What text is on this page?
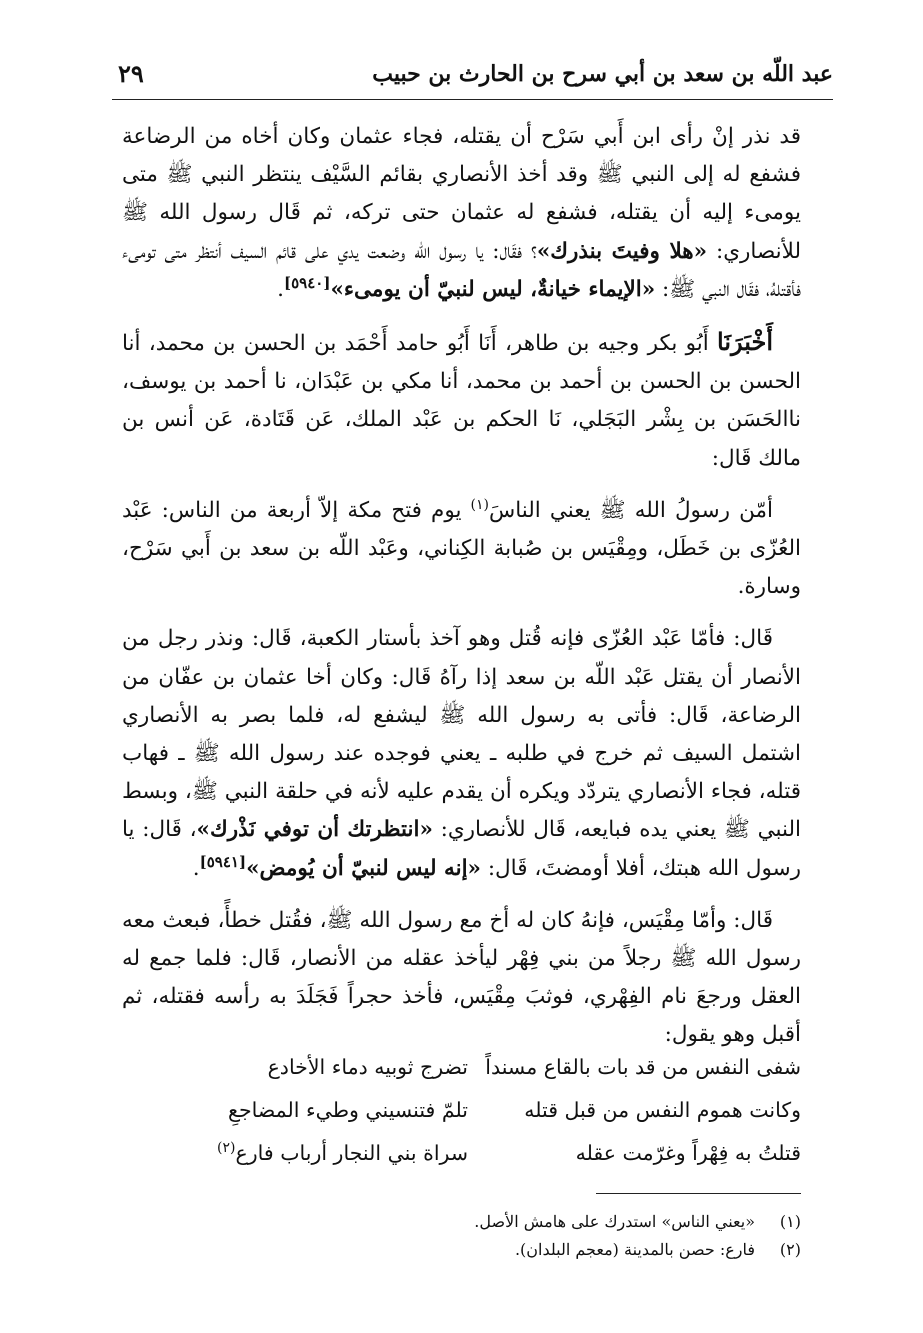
عبد اللّه بن سعد بن أبي سرح بن الحارث بن حبيب
٢٩

قد نذر إنْ رأى ابن أَبي سَرْح أن يقتله، فجاء عثمان وكان أخاه من الرضاعة فشفع له إلى النبي ﷺ وقد أخذ الأنصاري بقائم السَّيْف ينتظر النبي ﷺ متى يومىء إليه أن يقتله، فشفع له عثمان حتى تركه، ثم قَال رسول الله ﷺ للأنصاري: «هلا وفيتَ بنذرك»؟ فقَال: يا رسول الله وضعت يدي على قائم السيف أنتظر متى تومىء فأقتلهُ، فقَال النبي ﷺ: «الإيماء خيانةٌ، ليس لنبيّ أن يومىء»[٥٩٤٠].

أَخْبَرَنَا أَبُو بكر وجيه بن طاهر، أَنَا أَبُو حامد أَحْمَد بن الحسن بن محمد، أنا الحسن بن الحسن بن أحمد بن محمد، أنا مكي بن عَبْدَان، نا أحمد بن يوسف، ناالحَسَن بن بِشْر البَجَلي، نَا الحكم بن عَبْد الملك، عَن قَتَادة، عَن أنس بن مالك قَال:

أمّن رسولُ الله ﷺ يعني الناسَ$^{(١)}$ يوم فتح مكة إلاّ أربعة من الناس: عَبْد العُزّى بن خَطَل، ومِقْيَس بن صُبابة الكِناني، وعَبْد اللّه بن سعد بن أَبي سَرْح، وسارة.

قَال: فأمّا عَبْد العُزّى فإنه قُتل وهو آخذ بأستار الكعبة، قَال: ونذر رجل من الأنصار أن يقتل عَبْد اللّه بن سعد إذا رآهُ قَال: وكان أخا عثمان بن عفّان من الرضاعة، قَال: فأتى به رسول الله ﷺ ليشفع له، فلما بصر به الأنصاري اشتمل السيف ثم خرج في طلبه ـ يعني فوجده عند رسول الله ﷺ ـ فهاب قتله، فجاء الأنصاري يتردّد ويكره أن يقدم عليه لأنه في حلقة النبي ﷺ، وبسط النبي ﷺ يعني يده فبايعه، قَال للأنصاري: «انتظرتك أن توفي نَذْرك»، قَال: يا رسول الله هبتك، أفلا أومضتَ، قَال: «إنه ليس لنبيّ أن يُومض»[٥٩٤١].

قَال: وأمّا مِقْيَس، فإنهُ كان له أخ مع رسول الله ﷺ، فقُتل خطأً، فبعث معه رسول الله ﷺ رجلاً من بني فِهْر ليأخذ عقله من الأنصار، قَال: فلما جمع له العقل ورجعَ نام الفِهْري، فوثبَ مِقْيَس، فأخذ حجراً فَجَلَدَ به رأسه فقتله، ثم أقبل وهو يقول:

شفى النفس من قد بات بالقاع مسنداً
تضرج ثوبيه دماء الأخادع
وكانت هموم النفس من قبل قتله
تلمّ فتنسيني وطيء المضاجعِ
قتلتُ به فِهْراً وغرّمت عقله
سراة بني النجار أرباب فارع$^{(٢)}$
(١)«يعني الناس» استدرك على هامش الأصل.
(٢)فارع: حصن بالمدينة (معجم البلدان).
